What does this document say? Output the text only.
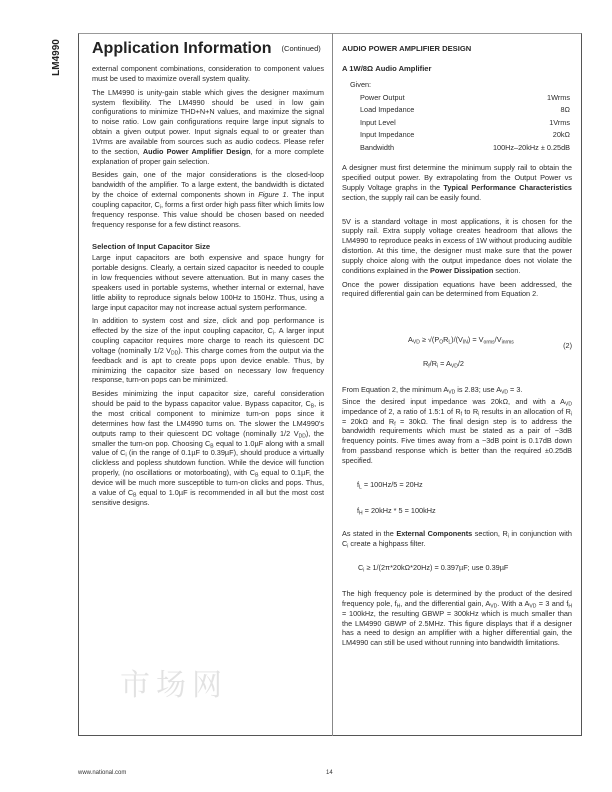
LM4990
市场网
Application Information (Continued)
external component combinations, consideration to component values must be used to maximize overall system quality.
The LM4990 is unity-gain stable which gives the designer maximum system flexibility. The LM4990 should be used in low gain configurations to minimize THD+N+N values, and maximize the signal to noise ratio. Low gain configurations require large input signals to obtain a given output power. Input signals equal to or greater than 1Vrms are available from sources such as audio codecs. Please refer to the section, Audio Power Amplifier Design, for a more complete explanation of proper gain selection.
Besides gain, one of the major considerations is the closed-loop bandwidth of the amplifier. To a large extent, the bandwidth is dictated by the choice of external components shown in Figure 1. The input coupling capacitor, $C_i$, forms a first order high pass filter which limits low frequency response. This value should be chosen based on needed frequency response for a few distinct reasons.
Selection of Input Capacitor Size
Large input capacitors are both expensive and space hungry for portable designs. Clearly, a certain sized capacitor is needed to couple in low frequencies without severe attenuation. But in many cases the speakers used in portable systems, whether internal or external, have little ability to reproduce signals below 100Hz to 150Hz. Thus, using a large input capacitor may not increase actual system performance.
In addition to system cost and size, click and pop performance is effected by the size of the input coupling capacitor, $C_i$. A larger input coupling capacitor requires more charge to reach its quiescent DC voltage (nominally 1/2 $V_{DD}$). This charge comes from the output via the feedback and is apt to create pops upon device enable. Thus, by minimizing the capacitor size based on necessary low frequency response, turn-on pops can be minimized.
Besides minimizing the input capacitor size, careful consideration should be paid to the bypass capacitor value. Bypass capacitor, $C_B$, is the most critical component to minimize turn-on pops since it determines how fast the LM4990 turns on. The slower the LM4990's outputs ramp to their quiescent DC voltage (nominally 1/2 $V_{DD}$), the smaller the turn-on pop. Choosing $C_B$ equal to 1.0µF along with a small value of $C_i$ (in the range of 0.1µF to 0.39µF), should produce a virtually clickless and popless shutdown function. While the device will function properly, (no oscillations or motorboating), with $C_B$ equal to 0.1µF, the device will be much more susceptible to turn-on clicks and pops. Thus, a value of $C_B$ equal to 1.0µF is recommended in all but the most cost sensitive designs.
AUDIO POWER AMPLIFIER DESIGN
A 1W/8Ω Audio Amplifier
Given:
Power Output	1Wrms
Load Impedance	8Ω
Input Level	1Vrms
Input Impedance	20kΩ
Bandwidth	100Hz–20kHz ± 0.25dB
A designer must first determine the minimum supply rail to obtain the specified output power. By extrapolating from the Output Power vs Supply Voltage graphs in the Typical Performance Characteristics section, the supply rail can be easily found.
5V is a standard voltage in most applications, it is chosen for the supply rail. Extra supply voltage creates headroom that allows the LM4990 to reproduce peaks in excess of 1W without producing audible distortion. At this time, the designer must make sure that the power supply choice along with the output impedance does not violate the conditions explained in the Power Dissipation section.
Once the power dissipation equations have been addressed, the required differential gain can be determined from Equation 2.
$A_{VD} \ge √(P_OR_L)/(V_{IN}) = V_{orms}/V_{inrms}$	(2)
$R_f/R_i = A_{VD}/2$
From Equation 2, the minimum $A_{VD}$ is 2.83; use $A_{VD} = 3$.
Since the desired input impedance was 20kΩ, and with a $A_{VD}$ impedance of 2, a ratio of 1.5:1 of $R_f$ to $R_i$ results in an allocation of $R_i = 20k\Omega$ and $R_f = 30k\Omega$. The final design step is to address the bandwidth requirements which must be stated as a pair of −3dB frequency points. Five times away from a −3dB point is 0.17dB down from passband response which is better than the required ±0.25dB specified.
$f_L = 100Hz/5 = 20Hz$
$f_H = 20kHz * 5 = 100kHz$
As stated in the External Components section, $R_i$ in conjunction with $C_i$ create a highpass filter.
$C_i \ge 1/(2\pi*20k\Omega*20Hz) = 0.397\mu F$; use 0.39µF
The high frequency pole is determined by the product of the desired frequency pole, $f_H$, and the differential gain, $A_{VD}$. With a $A_{VD} = 3$ and $f_H = 100kHz$, the resulting GBWP = 300kHz which is much smaller than the LM4990 GBWP of 2.5MHz. This figure displays that if a designer has a need to design an amplifier with a higher differential gain, the LM4990 can still be used without running into bandwidth limitations.
www.national.com	14
